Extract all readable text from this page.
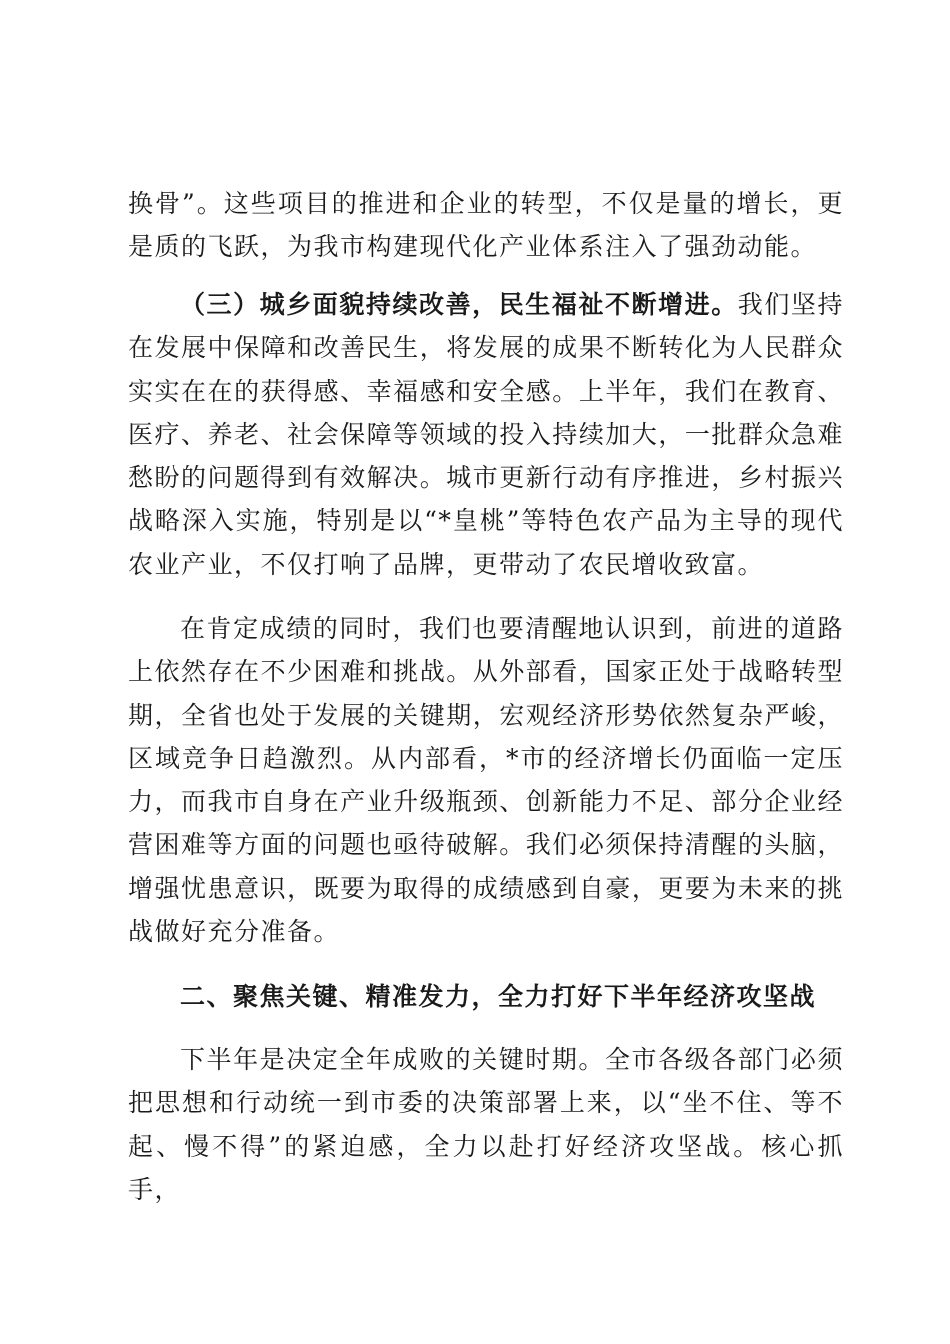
换骨”。这些项目的推进和企业的转型，不仅是量的增长，更是质的飞跃，为我市构建现代化产业体系注入了强劲动能。

（三）城乡面貌持续改善，民生福祉不断增进。我们坚持在发展中保障和改善民生，将发展的成果不断转化为人民群众实实在在的获得感、幸福感和安全感。上半年，我们在教育、医疗、养老、社会保障等领域的投入持续加大，一批群众急难愁盼的问题得到有效解决。城市更新行动有序推进，乡村振兴战略深入实施，特别是以“*皇桃”等特色农产品为主导的现代农业产业，不仅打响了品牌，更带动了农民增收致富。

在肯定成绩的同时，我们也要清醒地认识到，前进的道路上依然存在不少困难和挑战。从外部看，国家正处于战略转型期，全省也处于发展的关键期，宏观经济形势依然复杂严峻，区域竞争日趋激烈。从内部看，*市的经济增长仍面临一定压力，而我市自身在产业升级瓶颈、创新能力不足、部分企业经营困难等方面的问题也亟待破解。我们必须保持清醒的头脑，增强忧患意识，既要为取得的成绩感到自豪，更要为未来的挑战做好充分准备。

二、聚焦关键、精准发力，全力打好下半年经济攻坚战

下半年是决定全年成败的关键时期。全市各级各部门必须把思想和行动统一到市委的决策部署上来，以“坐不住、等不起、慢不得”的紧迫感，全力以赴打好经济攻坚战。核心抓手，
